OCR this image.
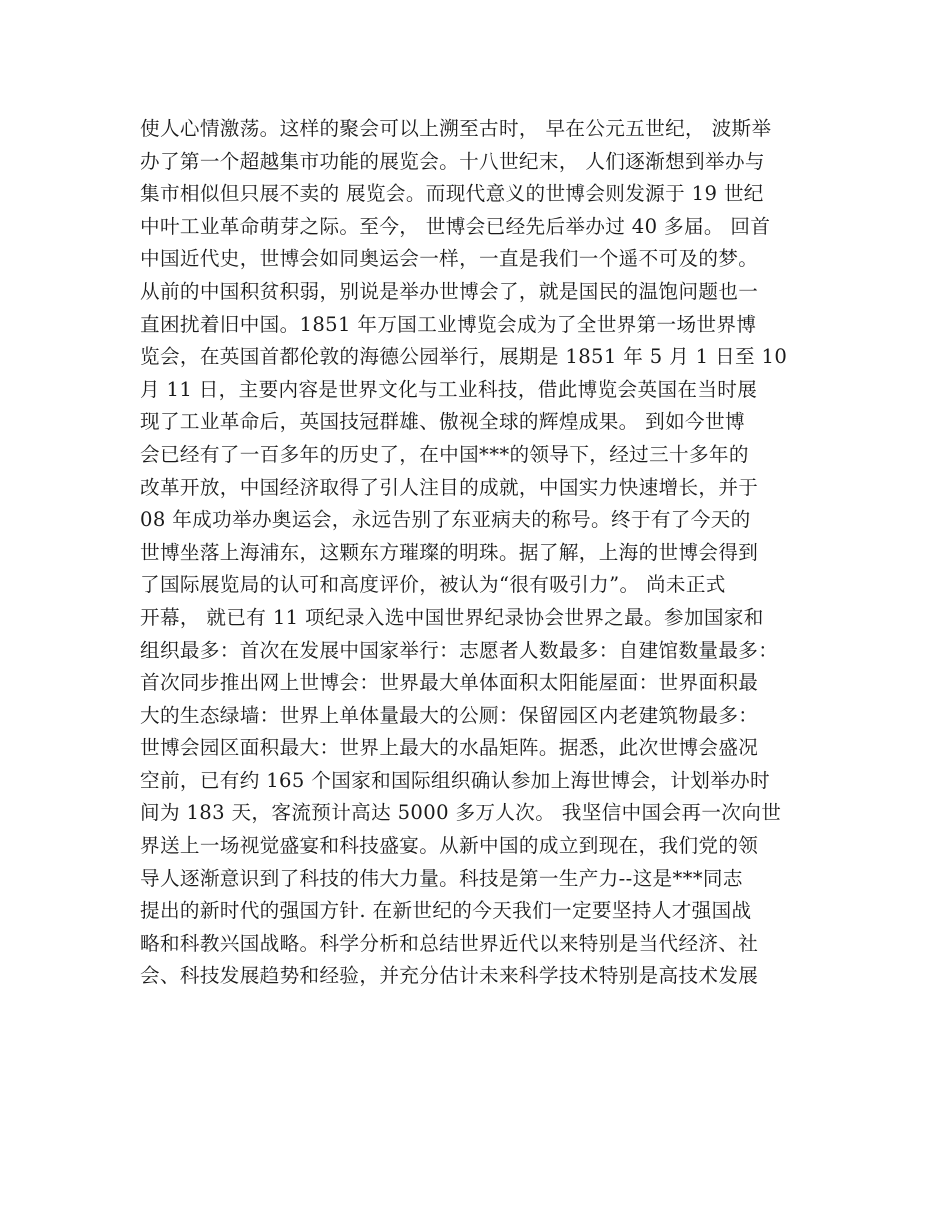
使人心情激荡。这样的聚会可以上溯至古时， 早在公元五世纪， 波斯举
办了第一个超越集市功能的展览会。十八世纪末， 人们逐渐想到举办与
集市相似但只展不卖的 展览会。而现代意义的世博会则发源于 19 世纪
中叶工业革命萌芽之际。至今， 世博会已经先后举办过 40 多届。 回首
中国近代史，世博会如同奥运会一样，一直是我们一个遥不可及的梦。
从前的中国积贫积弱，别说是举办世博会了，就是国民的温饱问题也一
直困扰着旧中国。1851 年万国工业博览会成为了全世界第一场世界博
览会，在英国首都伦敦的海德公园举行，展期是 1851 年 5 月 1 日至 10
月 11 日，主要内容是世界文化与工业科技，借此博览会英国在当时展
现了工业革命后，英国技冠群雄、傲视全球的辉煌成果。 到如今世博
会已经有了一百多年的历史了，在中国***的领导下，经过三十多年的
改革开放，中国经济取得了引人注目的成就，中国实力快速增长，并于
08 年成功举办奥运会，永远告别了东亚病夫的称号。终于有了今天的
世博坐落上海浦东，这颗东方璀璨的明珠。据了解，上海的世博会得到
了国际展览局的认可和高度评价，被认为“很有吸引力”。 尚未正式
开幕， 就已有 11 项纪录入选中国世界纪录协会世界之最。参加国家和
组织最多：首次在发展中国家举行：志愿者人数最多：自建馆数量最多：
首次同步推出网上世博会：世界最大单体面积太阳能屋面：世界面积最
大的生态绿墙：世界上单体量最大的公厕：保留园区内老建筑物最多：
世博会园区面积最大：世界上最大的水晶矩阵。据悉，此次世博会盛况
空前，已有约 165 个国家和国际组织确认参加上海世博会，计划举办时
间为 183 天，客流预计高达 5000 多万人次。 我坚信中国会再一次向世
界送上一场视觉盛宴和科技盛宴。从新中国的成立到现在，我们党的领
导人逐渐意识到了科技的伟大力量。科技是第一生产力--这是***同志
提出的新时代的强国方针. 在新世纪的今天我们一定要坚持人才强国战
略和科教兴国战略。科学分析和总结世界近代以来特别是当代经济、社
会、科技发展趋势和经验，并充分估计未来科学技术特别是高技术发展
